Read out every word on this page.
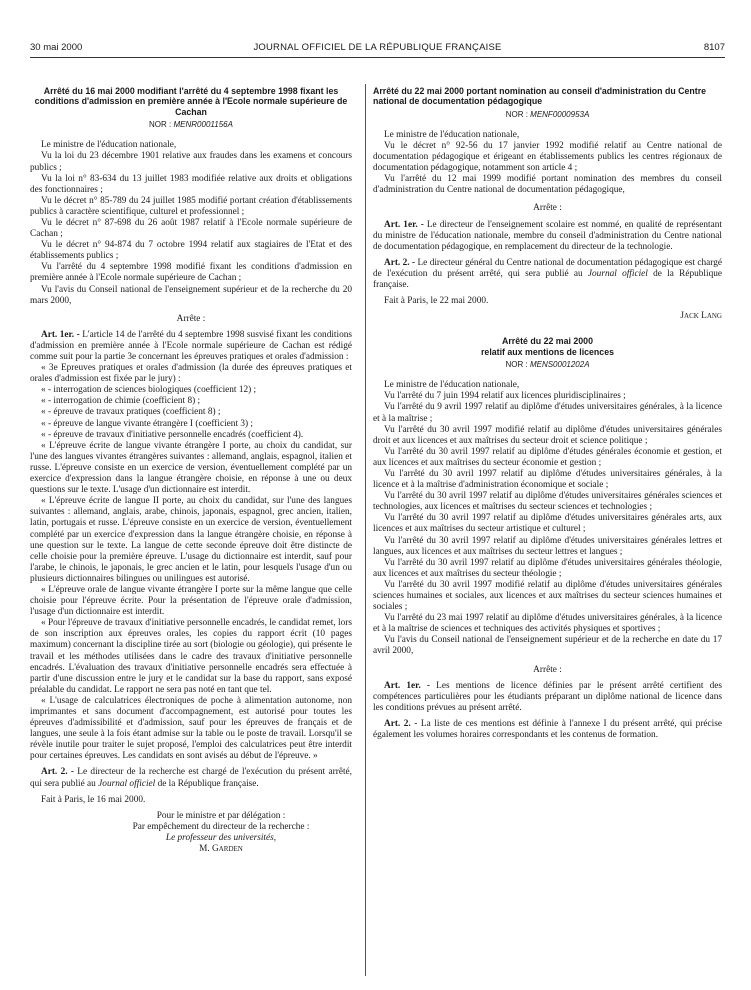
30 mai 2000	JOURNAL OFFICIEL DE LA RÉPUBLIQUE FRANÇAISE	8107
Arrêté du 16 mai 2000 modifiant l'arrêté du 4 septembre 1998 fixant les conditions d'admission en première année à l'Ecole normale supérieure de Cachan
NOR : MENR0001156A

Le ministre de l'éducation nationale,

Vu la loi du 23 décembre 1901 relative aux fraudes dans les examens et concours publics ;

Vu la loi n° 83-634 du 13 juillet 1983 modifiée relative aux droits et obligations des fonctionnaires ;

Vu le décret n° 85-789 du 24 juillet 1985 modifié portant création d'établissements publics à caractère scientifique, culturel et professionnel ;

Vu le décret n° 87-698 du 26 août 1987 relatif à l'Ecole normale supérieure de Cachan ;

Vu le décret n° 94-874 du 7 octobre 1994 relatif aux stagiaires de l'Etat et des établissements publics ;

Vu l'arrêté du 4 septembre 1998 modifié fixant les conditions d'admission en première année à l'Ecole normale supérieure de Cachan ;

Vu l'avis du Conseil national de l'enseignement supérieur et de la recherche du 20 mars 2000,

Arrête :

Art. 1er. - L'article 14 de l'arrêté du 4 septembre 1998 susvisé fixant les conditions d'admission en première année à l'Ecole normale supérieure de Cachan est rédigé comme suit pour la partie 3e concernant les épreuves pratiques et orales d'admission :

« 3e Epreuves pratiques et orales d'admission (la durée des épreuves pratiques et orales d'admission est fixée par le jury) :

« - interrogation de sciences biologiques (coefficient 12) ;

« - interrogation de chimie (coefficient 8) ;

« - épreuve de travaux pratiques (coefficient 8) ;

« - épreuve de langue vivante étrangère I (coefficient 3) ;

« - épreuve de travaux d'initiative personnelle encadrés (coefficient 4).

« L'épreuve écrite de langue vivante étrangère I porte, au choix du candidat, sur l'une des langues vivantes étrangères suivantes : allemand, anglais, espagnol, italien et russe. L'épreuve consiste en un exercice de version, éventuellement complété par un exercice d'expression dans la langue étrangère choisie, en réponse à une ou deux questions sur le texte. L'usage d'un dictionnaire est interdit.

« L'épreuve écrite de langue II porte, au choix du candidat, sur l'une des langues suivantes : allemand, anglais, arabe, chinois, japonais, espagnol, grec ancien, italien, latin, portugais et russe. L'épreuve consiste en un exercice de version, éventuellement complété par un exercice d'expression dans la langue étrangère choisie, en réponse à une question sur le texte. La langue de cette seconde épreuve doit être distincte de celle choisie pour la première épreuve. L'usage du dictionnaire est interdit, sauf pour l'arabe, le chinois, le japonais, le grec ancien et le latin, pour lesquels l'usage d'un ou plusieurs dictionnaires bilingues ou unilingues est autorisé.

« L'épreuve orale de langue vivante étrangère I porte sur la même langue que celle choisie pour l'épreuve écrite. Pour la présentation de l'épreuve orale d'admission, l'usage d'un dictionnaire est interdit.

« Pour l'épreuve de travaux d'initiative personnelle encadrés, le candidat remet, lors de son inscription aux épreuves orales, les copies du rapport écrit (10 pages maximum) concernant la discipline tirée au sort (biologie ou géologie), qui présente le travail et les méthodes utilisées dans le cadre des travaux d'initiative personnelle encadrés. L'évaluation des travaux d'initiative personnelle encadrés sera effectuée à partir d'une discussion entre le jury et le candidat sur la base du rapport, sans exposé préalable du candidat. Le rapport ne sera pas noté en tant que tel.

« L'usage de calculatrices électroniques de poche à alimentation autonome, non imprimantes et sans document d'accompagnement, est autorisé pour toutes les épreuves d'admissibilité et d'admission, sauf pour les épreuves de français et de langues, une seule à la fois étant admise sur la table ou le poste de travail. Lorsqu'il se révèle inutile pour traiter le sujet proposé, l'emploi des calculatrices peut être interdit pour certaines épreuves. Les candidats en sont avisés au début de l'épreuve. »

Art. 2. - Le directeur de la recherche est chargé de l'exécution du présent arrêté, qui sera publié au Journal officiel de la République française.

Fait à Paris, le 16 mai 2000.

Pour le ministre et par délégation :
Par empêchement du directeur de la recherche :
Le professeur des universités,
M. Garden
Arrêté du 22 mai 2000 portant nomination au conseil d'administration du Centre national de documentation pédagogique
NOR : MENF0000953A

Le ministre de l'éducation nationale,

Vu le décret n° 92-56 du 17 janvier 1992 modifié relatif au Centre national de documentation pédagogique et érigeant en établissements publics les centres régionaux de documentation pédagogique, notamment son article 4 ;

Vu l'arrêté du 12 mai 1999 modifié portant nomination des membres du conseil d'administration du Centre national de documentation pédagogique,

Arrête :

Art. 1er. - Le directeur de l'enseignement scolaire est nommé, en qualité de représentant du ministre de l'éducation nationale, membre du conseil d'administration du Centre national de documentation pédagogique, en remplacement du directeur de la technologie.

Art. 2. - Le directeur général du Centre national de documentation pédagogique est chargé de l'exécution du présent arrêté, qui sera publié au Journal officiel de la République française.

Fait à Paris, le 22 mai 2000.

Jack Lang
Arrêté du 22 mai 2000
relatif aux mentions de licences
NOR : MENS0001202A

Le ministre de l'éducation nationale,

Vu l'arrêté du 7 juin 1994 relatif aux licences pluridisciplinaires ;

Vu l'arrêté du 9 avril 1997 relatif au diplôme d'études universitaires générales, à la licence et à la maîtrise ;

Vu l'arrêté du 30 avril 1997 modifié relatif au diplôme d'études universitaires générales droit et aux licences et aux maîtrises du secteur droit et science politique ;

Vu l'arrêté du 30 avril 1997 relatif au diplôme d'études générales économie et gestion, et aux licences et aux maîtrises du secteur économie et gestion ;

Vu l'arrêté du 30 avril 1997 relatif au diplôme d'études universitaires générales, à la licence et à la maîtrise d'administration économique et sociale ;

Vu l'arrêté du 30 avril 1997 relatif au diplôme d'études universitaires générales sciences et technologies, aux licences et maîtrises du secteur sciences et technologies ;

Vu l'arrêté du 30 avril 1997 relatif au diplôme d'études universitaires générales arts, aux licences et aux maîtrises du secteur artistique et culturel ;

Vu l'arrêté du 30 avril 1997 relatif au diplôme d'études universitaires générales lettres et langues, aux licences et aux maîtrises du secteur lettres et langues ;

Vu l'arrêté du 30 avril 1997 relatif au diplôme d'études universitaires générales théologie, aux licences et aux maîtrises du secteur théologie ;

Vu l'arrêté du 30 avril 1997 modifié relatif au diplôme d'études universitaires générales sciences humaines et sociales, aux licences et aux maîtrises du secteur sciences humaines et sociales ;

Vu l'arrêté du 23 mai 1997 relatif au diplôme d'études universitaires générales, à la licence et à la maîtrise de sciences et techniques des activités physiques et sportives ;

Vu l'avis du Conseil national de l'enseignement supérieur et de la recherche en date du 17 avril 2000,

Arrête :

Art. 1er. - Les mentions de licence définies par le présent arrêté certifient des compétences particulières pour les étudiants préparant un diplôme national de licence dans les conditions prévues au présent arrêté.

Art. 2. - La liste de ces mentions est définie à l'annexe I du présent arrêté, qui précise également les volumes horaires correspondants et les contenus de formation.
